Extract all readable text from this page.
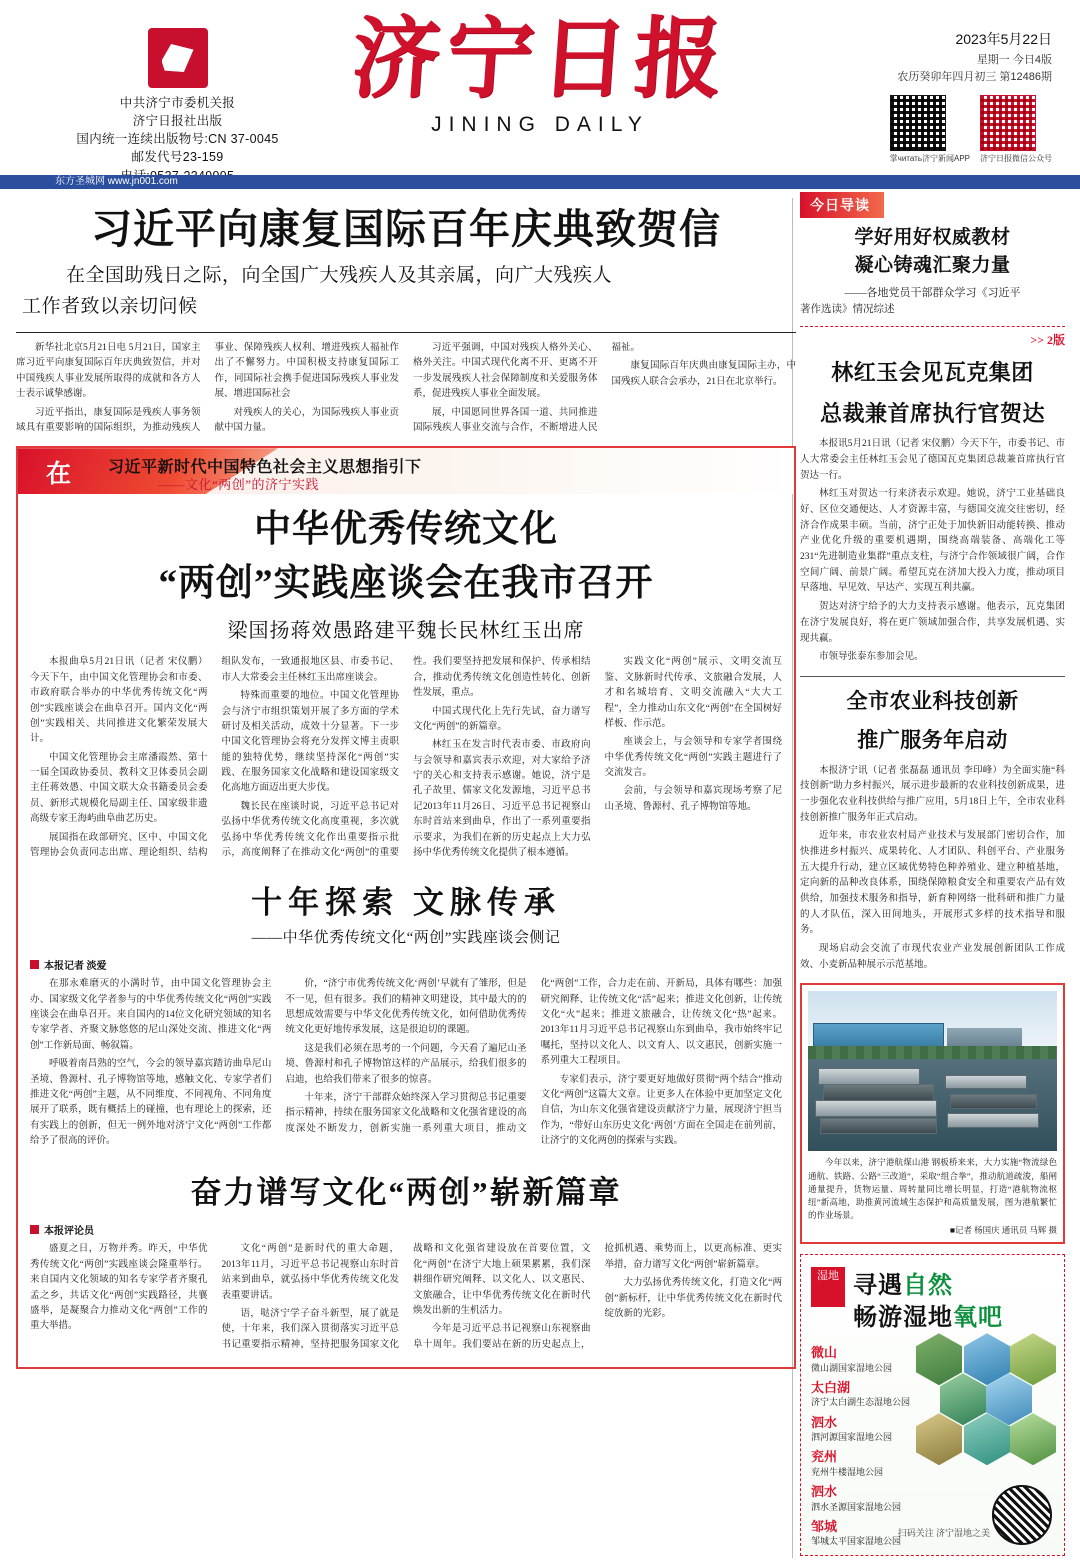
中共济宁市委机关报
济宁日报社出版
国内统一连续出版物号:CN 37-0045
邮发代号23-159
济宁日报
JINING DAILY
2023年5月22日
星期一 今日4版
农历癸卯年四月初三 第12486期
掌читать济宁新闻APP 济宁日报微信公众号
东方圣城网 www.jn001.com
习近平向康复国际百年庆典致贺信
在全国助残日之际，向全国广大残疾人及其亲属，向广大残疾人
工作者致以亲切问候

新华社北京5月21日电 5月21日，国家主席习近平向康复国际百年庆典致贺信，并对中国残疾人事业发展所取得的成就和各方人士表示诚挚感谢。

习近平指出，康复国际是残疾人事务领域具有重要影响的国际组织，为推动残疾人事业、保障残疾人权利、增进残疾人福祉作出了不懈努力。中国积极支持康复国际工作，同国际社会携手促进国际残疾人事业发展、增进国际社会

对残疾人的关心，为国际残疾人事业贡献中国力量。

习近平强调，中国对残疾人格外关心、格外关注。中国式现代化离不开、更离不开一步发展残疾人社会保障制度和关爱服务体系，促进残疾人事业全面发展。

展，中国愿同世界各国一道、共同推进国际残疾人事业交流与合作，不断增进人民福祉。

康复国际百年庆典由康复国际主办，中国残疾人联合会承办，21日在北京举行。

在 习近平新时代中国特色社会主义思想指引下
——文化“两创”的济宁实践
中华优秀传统文化
“两创”实践座谈会在我市召开
梁国扬蒋效愚路建平魏长民林红玉出席

本报曲阜5月21日讯（记者 宋仪鹏）今天下午，由中国文化管理协会和市委、市政府联合举办的中华优秀传统文化“两创”实践座谈会在曲阜召开。国内文化“两创”实践相关、共同推进文化繁荣发展大计。

中国文化管理协会主席潘霞然、第十一届全国政协委员、教科文卫体委员会副主任蒋效愚、中国文联大众书籍委员会委员、新形式规模化局副主任、国家级非遗高级专家王海屿曲阜曲艺历史。

展国指在政部研究、区中、中国文化管理协会负责同志出席、理论组织、结构组队发布，一致通报地区县、市委书记、市人大常委会主任林红玉出席座谈会。

特殊而重要的地位。中国文化管理协会与济宁市组织策划开展了多方面的学术研讨及相关活动，成效十分显著。下一步中国文化管理协会将充分发挥文博主责职能的独特优势，继续坚持深化“两创”实践、在服务国家文化战略和建设国家级文化高地方面迈出更大步伐。

魏长民在座谈时说，习近平总书记对弘扬中华优秀传统文化高度重视，多次就弘扬中华优秀传统文化作出重要指示批示，高度阐释了在推动文化“两创”的重要性。我们要坚持把发展和保护、传承相结合，推动优秀传统文化创造性转化、创新性发展，重点。

中国式现代化上先行先试，奋力谱写文化“两创”的新篇章。

林红玉在发言时代表市委、市政府向与会领导和嘉宾表示欢迎，对大家给予济宁的关心和支持表示感谢。她说，济宁是孔子故里、儒家文化发源地，习近平总书记2013年11月26日、习近平总书记视察山东时首站来到曲阜，作出了一系列重要指示要求，为我们在新的历史起点上大力弘扬中华优秀传统文化提供了根本遵循。

实践文化“两创”展示、文明交流互鉴、文脉新时代传承、文旅融合发展，人才和名城培育、文明交流融入“大大工程”，全力推动山东文化“两创”在全国树好样板、作示范。

座谈会上，与会领导和专家学者围绕中华优秀传统文化“两创”实践主题进行了交流发言。

会前，与会领导和嘉宾现场考察了尼山圣境、鲁源村、孔子博物馆等地。

十年探索 文脉传承
——中华优秀传统文化“两创”实践座谈会侧记
本报记者 淡爱

在那永难磨灭的小满时节，由中国文化管理协会主办、国家级文化学者参与的中华优秀传统文化“两创”实践座谈会在曲阜召开。来自国内的14位文化研究领域的知名专家学者、齐聚文脉悠悠的尼山深处交流、推进文化“两创”工作新局面、畅叙篇。

呼吸着南昌熟的空气，今会的领导嘉宾踏访曲阜尼山圣境、鲁源村、孔子博物馆等地，感触文化、专家学者们推进文化“两创”主题，从不同维度、不同视角、不同角度展开了联系，既有概括上的碰撞，也有理论上的探索，还有实践上的创新，但无一例外地对济宁文化“两创”工作都给予了很高的评价。

价，“济宁市优秀传统文化‘两创’早就有了雏形，但是不一见，但有很多。我们的精神文明建设，其中最大的的思想成效需要与中华文化优秀传统文化，如何借助优秀传统文化更好地传承发展，这是很迫切的课题。

这是我们必须在思考的一个问题，今天看了遍尼山圣境、鲁源村和孔子博物馆这样的产品展示，给我们很多的启迪，也给我们带来了很多的惊喜。

十年来，济宁干部群众始终深入学习贯彻总书记重要指示精神，持续在服务国家文化战略和文化强省建设的高度深处不断发力，创新实施一系列重大项目，推动文化“两创”工作，合力走在前、开新局，具体有哪些：加强研究阐释、让传统文化“活”起来；推进文化创新，让传统文化“火”起来；推进文旅融合，让传统文化“热”起来。2013年11月习近平总书记视察山东到曲阜，我市始终牢记嘱托，坚持以文化人、以文育人、以文惠民，创新实施一系列重大工程项目。

专家们表示，济宁要更好地做好贯彻“两个结合”推动文化“两创”这篇大文章。让更多人在体验中更加坚定文化自信，为山东文化强省建设贡献济宁力量，展现济宁担当作为，“带好山东历史文化‘两创’方面在全国走在前列前，让济宁的文化两创的探索与实践。

奋力谱写文化“两创”崭新篇章
本报评论员

盛夏之日，万物并秀。昨天，中华优秀传统文化“两创”实践座谈会隆重举行。来自国内文化领域的知名专家学者齐聚孔孟之乡，共话文化“两创”实践路径，共襄盛举，是凝聚合力推动文化“两创”工作的重大举措。

文化“两创”是新时代的重大命题，2013年11月，习近平总书记视察山东时首站来到曲阜，就弘扬中华优秀传统文化发表重要讲话。

语，哒济宁学子奋斗新型，展了就是使，十年来，我们深入贯彻落实习近平总书记重要指示精神，坚持把服务国家文化战略和文化强省建设放在首要位置，文化“两创”在济宁大地上硕果累累，我们深耕细作研究阐释、以文化人、以文惠民、文旅融合，让中华优秀传统文化在新时代焕发出新的生机活力。

今年是习近平总书记视察山东视察曲阜十周年。我们要站在新的历史起点上，抢抓机遇、乘势而上，以更高标准、更实举措，奋力谱写文化“两创”崭新篇章。

大力弘扬优秀传统文化，打造文化“两创”新标杆，让中华优秀传统文化在新时代绽放新的光彩。

今日导读
学好用好权威教材
凝心铸魂汇聚力量
——各地党员干部群众学习《习近平
著作选读》情况综述
>> 2版
林红玉会见瓦克集团
总裁兼首席执行官贺达

本报讯5月21日讯（记者 宋仪鹏）今天下午，市委书记、市人大常委会主任林红玉会见了德国瓦克集团总裁兼首席执行官贺达一行。

林红玉对贺达一行来济表示欢迎。她说，济宁工业基础良好、区位交通便达、人才资源丰富，与德国交流交往密切，经济合作成果丰硕。当前，济宁正处于加快新旧动能转换、推动产业优化升级的重要机遇期，围绕高端装备、高端化工等231“先进制造业集群”重点支柱，与济宁合作领域很广阔，合作空间广阔、前景广阔。希望瓦克在济加大投入力度，推动项目早落地、早见效、早达产、实现互利共赢。

贺达对济宁给予的大力支持表示感谢。他表示，瓦克集团在济宁发展良好，将在更广领域加强合作，共享发展机遇、实现共赢。

市领导张泰东参加会见。

全市农业科技创新
推广服务年启动

本报济宁讯（记者 张磊磊 通讯员 李印峰）为全面实施“科技创新”助力乡村振兴，展示进步最新的农业科技创新成果，进一步强化农业科技供给与推广应用，5月18日上午，全市农业科技创新推广服务年正式启动。

近年来，市农业农村局产业技术与发展部门密切合作，加快推进乡村振兴、成果转化、人才团队、科创平台、产业服务五大提升行动，建立区域优势特色种养殖业、建立种植基地，定向新的品种改良体系，围绕保障粮食安全和重要农产品有效供给，加强技术服务和指导，新育种网络一批科研和推广力量的人才队伍，深入田间地头，开展形式多样的技术指导和服务。

现场启动会交流了市现代农业产业发展创新团队工作成效、小麦新品种展示示范基地。

今年以来，济宁港航煤山港 钢板桥来来，大力实施“物流绿色通航、铁路、公路“三改道”，采取“组合拳”，推动航道疏浚，船闸通量提升，货物运量、周转量同比增长明显，打造“港航物流枢纽”新高地，助推黄河流域生态保护和高质量发展，图为港航繁忙的作业场景。
■记者 杨国庆 通讯员 马辉 摄
湿地 寻遇自然
畅游湿地氧吧
微山
微山湖国家湿地公园
太白湖
济宁太白湖生态湿地公园
泗水
泗河源国家湿地公园
兖州
兖州牛楼湿地公园
泗水
泗水圣源国家湿地公园
邹城
邹城太平国家湿地公园
扫码关注 济宁湿地之美
